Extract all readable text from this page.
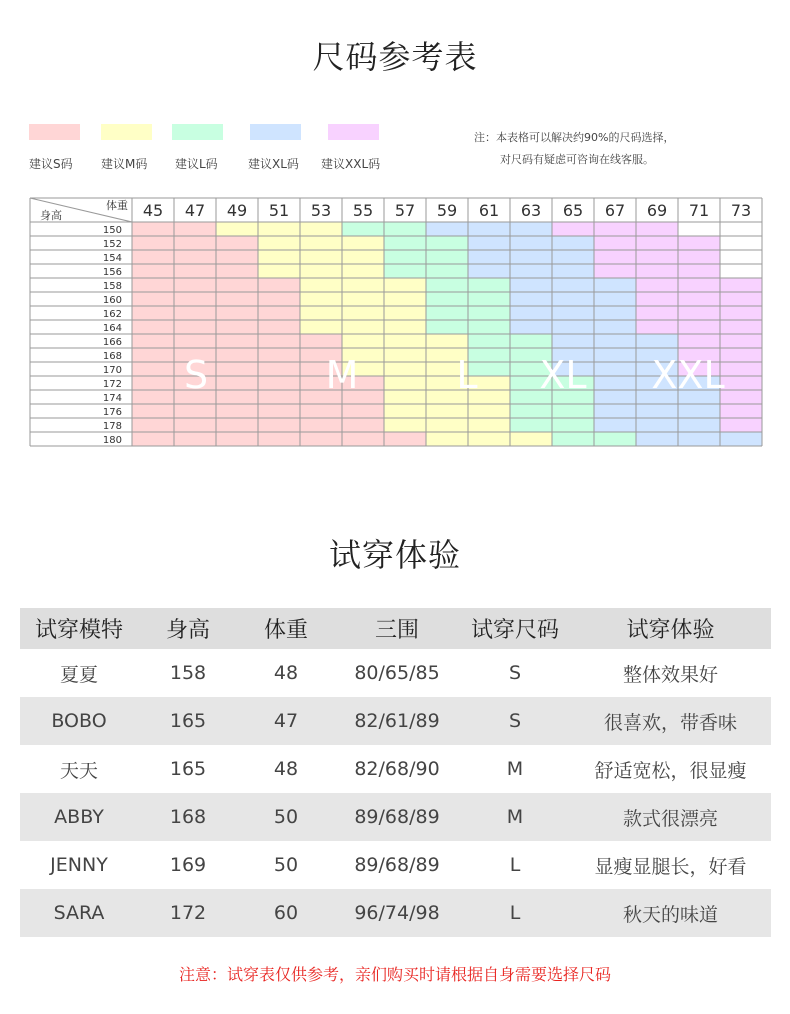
尺码参考表
建议S码 建议M码 建议L码	建议XL码 建议XXL码
注：本表格可以解决约90%的尺码选择，
对尺码有疑虑可咨询在线客服。
体重
身高	45 47 49 51 53 55 57 59 61 63 65 67 69 71 73
150
152
154
156
158
160
162
164
166
168
170
172
174
176
178
180
S	M	L XL XXL
试穿体验
试穿模特	身高	体重	三围	试穿尺码	试穿体验
夏夏	158	48	80/65/85	S	整体效果好
BOBO	165	47	82/61/89	S	很喜欢，带香味
天天	165	48	82/68/90	M	舒适宽松，很显瘦
ABBY	168	50	89/68/89	M	款式很漂亮
JENNY	169	50	89/68/89	L	显瘦显腿长，好看
SARA	172	60	96/74/98	L	秋天的味道
注意：试穿表仅供参考，亲们购买时请根据自身需要选择尺码
